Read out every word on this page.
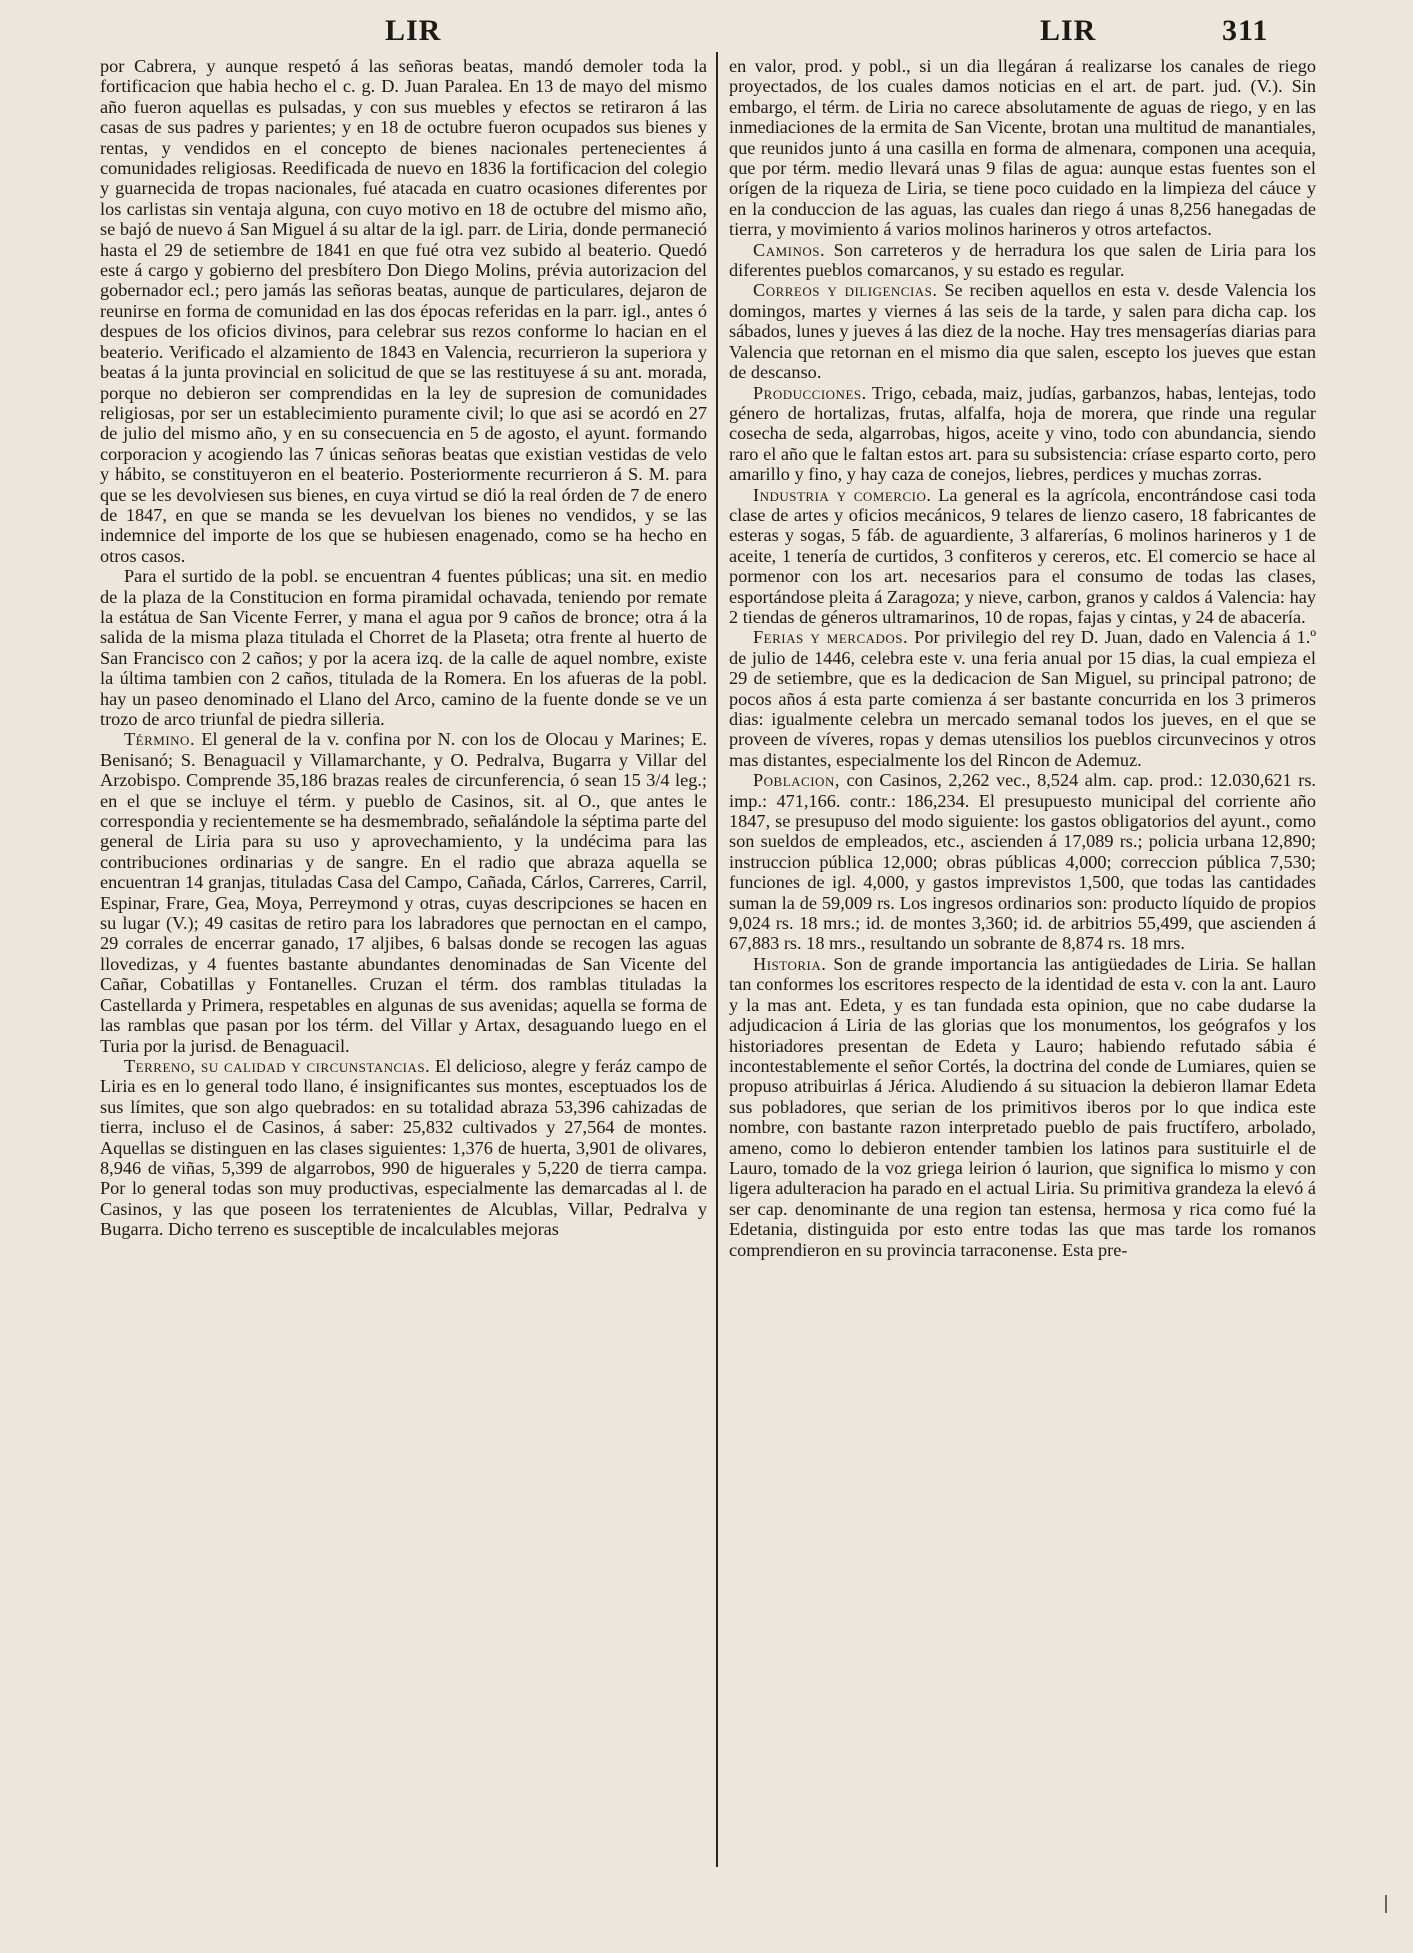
LIR	LIR	311

por Cabrera, y aunque respetó á las señoras beatas, mandó demoler toda la fortificacion que habia hecho el c. g. D. Juan Paralea. En 13 de mayo del mismo año fueron aquellas es pulsadas, y con sus muebles y efectos se retiraron á las casas de sus padres y parientes; y en 18 de octubre fueron ocupados sus bienes y rentas, y vendidos en el concepto de bienes nacionales pertenecientes á comunidades religiosas. Reedificada de nuevo en 1836 la fortificacion del colegio y guarnecida de tropas nacionales, fué atacada en cuatro ocasiones diferentes por los carlistas sin ventaja alguna, con cuyo motivo en 18 de octubre del mismo año, se bajó de nuevo á San Miguel á su altar de la igl. parr. de Liria, donde permaneció hasta el 29 de setiembre de 1841 en que fué otra vez subido al beaterio. Quedó este á cargo y gobierno del presbítero Don Diego Molins, prévia autorizacion del gobernador ecl.; pero jamás las señoras beatas, aunque de particulares, dejaron de reunirse en forma de comunidad en las dos épocas referidas en la parr. igl., antes ó despues de los oficios divinos, para celebrar sus rezos conforme lo hacian en el beaterio. Verificado el alzamiento de 1843 en Valencia, recurrieron la superiora y beatas á la junta provincial en solicitud de que se las restituyese á su ant. morada, porque no debieron ser comprendidas en la ley de supresion de comunidades religiosas, por ser un establecimiento puramente civil; lo que asi se acordó en 27 de julio del mismo año, y en su consecuencia en 5 de agosto, el ayunt. formando corporacion y acogiendo las 7 únicas señoras beatas que existian vestidas de velo y hábito, se constituyeron en el beaterio. Posteriormente recurrieron á S. M. para que se les devolviesen sus bienes, en cuya virtud se dió la real órden de 7 de enero de 1847, en que se manda se les devuelvan los bienes no vendidos, y se las indemnice del importe de los que se hubiesen enagenado, como se ha hecho en otros casos.

Para el surtido de la pobl. se encuentran 4 fuentes públicas; una sit. en medio de la plaza de la Constitucion en forma piramidal ochavada, teniendo por remate la estátua de San Vicente Ferrer, y mana el agua por 9 caños de bronce; otra á la salida de la misma plaza titulada el Chorret de la Plaseta; otra frente al huerto de San Francisco con 2 caños; y por la acera izq. de la calle de aquel nombre, existe la última tambien con 2 caños, titulada de la Romera. En los afueras de la pobl. hay un paseo denominado el Llano del Arco, camino de la fuente donde se ve un trozo de arco triunfal de piedra silleria.

Término. El general de la v. confina por N. con los de Olocau y Marines; E. Benisanó; S. Benaguacil y Villamarchante, y O. Pedralva, Bugarra y Villar del Arzobispo. Comprende 35,186 brazas reales de circunferencia, ó sean 15 3/4 leg.; en el que se incluye el térm. y pueblo de Casinos, sit. al O., que antes le correspondia y recientemente se ha desmembrado, señalándole la séptima parte del general de Liria para su uso y aprovechamiento, y la undécima para las contribuciones ordinarias y de sangre. En el radio que abraza aquella se encuentran 14 granjas, tituladas Casa del Campo, Cañada, Cárlos, Carreres, Carril, Espinar, Frare, Gea, Moya, Perreymond y otras, cuyas descripciones se hacen en su lugar (V.); 49 casitas de retiro para los labradores que pernoctan en el campo, 29 corrales de encerrar ganado, 17 aljibes, 6 balsas donde se recogen las aguas llovedizas, y 4 fuentes bastante abundantes denominadas de San Vicente del Cañar, Cobatillas y Fontanelles. Cruzan el térm. dos ramblas tituladas la Castellarda y Primera, respetables en algunas de sus avenidas; aquella se forma de las ramblas que pasan por los térm. del Villar y Artax, desaguando luego en el Turia por la jurisd. de Benaguacil.

Terreno, su calidad y circunstancias. El delicioso, alegre y feráz campo de Liria es en lo general todo llano, é insignificantes sus montes, esceptuados los de sus límites, que son algo quebrados: en su totalidad abraza 53,396 cahizadas de tierra, incluso el de Casinos, á saber: 25,832 cultivados y 27,564 de montes. Aquellas se distinguen en las clases siguientes: 1,376 de huerta, 3,901 de olivares, 8,946 de viñas, 5,399 de algarrobos, 990 de higuerales y 5,220 de tierra campa. Por lo general todas son muy productivas, especialmente las demarcadas al l. de Casinos, y las que poseen los terratenientes de Alcublas, Villar, Pedralva y Bugarra. Dicho terreno es susceptible de incalculables mejoras

en valor, prod. y pobl., si un dia llegáran á realizarse los canales de riego proyectados, de los cuales damos noticias en el art. de part. jud. (V.). Sin embargo, el térm. de Liria no carece absolutamente de aguas de riego, y en las inmediaciones de la ermita de San Vicente, brotan una multitud de manantiales, que reunidos junto á una casilla en forma de almenara, componen una acequia, que por térm. medio llevará unas 9 filas de agua: aunque estas fuentes son el orígen de la riqueza de Liria, se tiene poco cuidado en la limpieza del cáuce y en la conduccion de las aguas, las cuales dan riego á unas 8,256 hanegadas de tierra, y movimiento á varios molinos harineros y otros artefactos.

Caminos. Son carreteros y de herradura los que salen de Liria para los diferentes pueblos comarcanos, y su estado es regular.

Correos y diligencias. Se reciben aquellos en esta v. desde Valencia los domingos, martes y viernes á las seis de la tarde, y salen para dicha cap. los sábados, lunes y jueves á las diez de la noche. Hay tres mensagerías diarias para Valencia que retornan en el mismo dia que salen, escepto los jueves que estan de descanso.

Producciones. Trigo, cebada, maiz, judías, garbanzos, habas, lentejas, todo género de hortalizas, frutas, alfalfa, hoja de morera, que rinde una regular cosecha de seda, algarrobas, higos, aceite y vino, todo con abundancia, siendo raro el año que le faltan estos art. para su subsistencia: críase esparto corto, pero amarillo y fino, y hay caza de conejos, liebres, perdices y muchas zorras.

Industria y comercio. La general es la agrícola, encontrándose casi toda clase de artes y oficios mecánicos, 9 telares de lienzo casero, 18 fabricantes de esteras y sogas, 5 fáb. de aguardiente, 3 alfarerías, 6 molinos harineros y 1 de aceite, 1 tenería de curtidos, 3 confiteros y cereros, etc. El comercio se hace al pormenor con los art. necesarios para el consumo de todas las clases, esportándose pleita á Zaragoza; y nieve, carbon, granos y caldos á Valencia: hay 2 tiendas de géneros ultramarinos, 10 de ropas, fajas y cintas, y 24 de abacería.

Ferias y mercados. Por privilegio del rey D. Juan, dado en Valencia á 1.º de julio de 1446, celebra este v. una feria anual por 15 dias, la cual empieza el 29 de setiembre, que es la dedicacion de San Miguel, su principal patrono; de pocos años á esta parte comienza á ser bastante concurrida en los 3 primeros dias: igualmente celebra un mercado semanal todos los jueves, en el que se proveen de víveres, ropas y demas utensilios los pueblos circunvecinos y otros mas distantes, especialmente los del Rincon de Ademuz.

Poblacion, con Casinos, 2,262 vec., 8,524 alm. cap. prod.: 12.030,621 rs. imp.: 471,166. contr.: 186,234. El presupuesto municipal del corriente año 1847, se presupuso del modo siguiente: los gastos obligatorios del ayunt., como son sueldos de empleados, etc., ascienden á 17,089 rs.; policia urbana 12,890; instruccion pública 12,000; obras públicas 4,000; correccion pública 7,530; funciones de igl. 4,000, y gastos imprevistos 1,500, que todas las cantidades suman la de 59,009 rs. Los ingresos ordinarios son: producto líquido de propios 9,024 rs. 18 mrs.; id. de montes 3,360; id. de arbitrios 55,499, que ascienden á 67,883 rs. 18 mrs., resultando un sobrante de 8,874 rs. 18 mrs.

Historia. Son de grande importancia las antigüedades de Liria. Se hallan tan conformes los escritores respecto de la identidad de esta v. con la ant. Lauro y la mas ant. Edeta, y es tan fundada esta opinion, que no cabe dudarse la adjudicacion á Liria de las glorias que los monumentos, los geógrafos y los historiadores presentan de Edeta y Lauro; habiendo refutado sábia é incontestablemente el señor Cortés, la doctrina del conde de Lumiares, quien se propuso atribuirlas á Jérica. Aludiendo á su situacion la debieron llamar Edeta sus pobladores, que serian de los primitivos iberos por lo que indica este nombre, con bastante razon interpretado pueblo de pais fructífero, arbolado, ameno, como lo debieron entender tambien los latinos para sustituirle el de Lauro, tomado de la voz griega leirion ó laurion, que significa lo mismo y con ligera adulteracion ha parado en el actual Liria. Su primitiva grandeza la elevó á ser cap. denominante de una region tan estensa, hermosa y rica como fué la Edetania, distinguida por esto entre todas las que mas tarde los romanos comprendieron en su provincia tarraconense. Esta pre-
